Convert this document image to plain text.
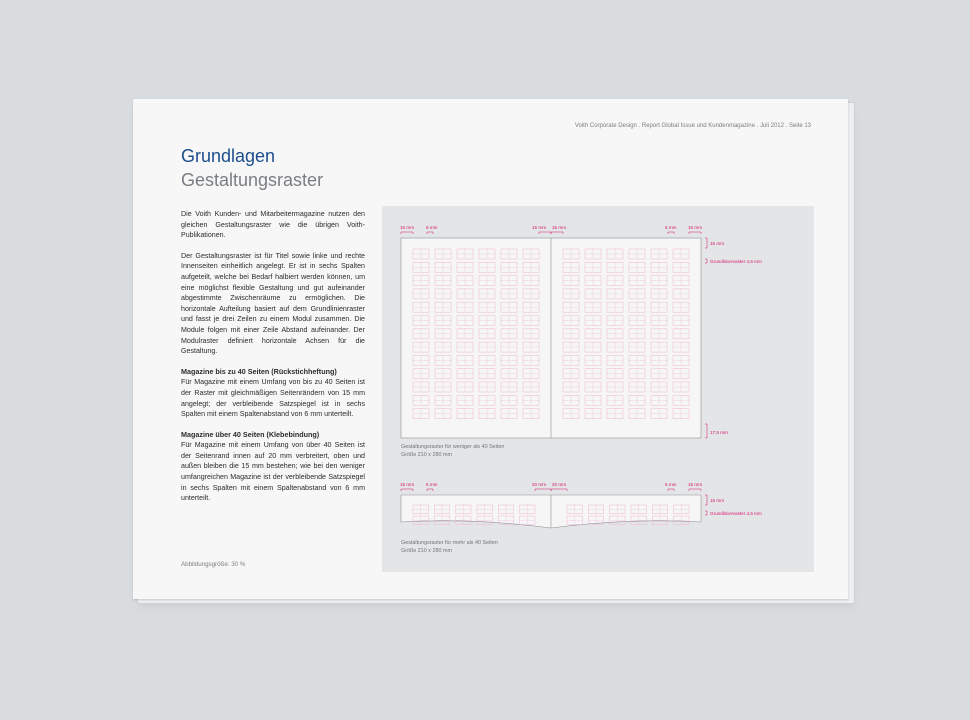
Voith Corporate Design . Report Global Issue und Kundenmagazine . Juli 2012 . Seite 13
Grundlagen
Gestaltungsraster

Die Voith Kunden- und Mitarbeitermagazine nutzen den gleichen Gestaltungsraster wie die übrigen Voith-Publikationen.

Der Gestaltungsraster ist für Titel sowie linke und rechte Innenseiten einheitlich angelegt. Er ist in sechs Spalten aufgeteilt, welche bei Bedarf halbiert werden können, um eine möglichst flexible Gestaltung und gut aufeinander abgestimmte Zwischenräume zu ermöglichen. Die horizontale Aufteilung basiert auf dem Grundlinienraster und fasst je drei Zeilen zu einem Modul zusammen. Die Module folgen mit einer Zeile Abstand aufeinander. Der Modulraster definiert horizontale Achsen für die Gestaltung.

Magazine bis zu 40 Seiten (Rückstichheftung)

Für Magazine mit einem Umfang von bis zu 40 Seiten ist der Raster mit gleichmäßigen Seitenrändern von 15 mm angelegt; der verbleibende Satzspiegel ist in sechs Spalten mit einem Spaltenabstand von 6 mm unterteilt.

Magazine über 40 Seiten (Klebebindung)

Für Magazine mit einem Umfang von über 40 Seiten ist der Seitenrand innen auf 20 mm verbreitert, oben und außen bleiben die 15 mm bestehen; wie bei den weniger umfangreichen Magazine ist der verbleibende Satzspiegel in sechs Spalten mit einem Spaltenabstand von 6 mm unterteilt.

Abbildungsgröße: 30 %
15 mm	6 mm	15 mm 15 mm	6 mm	15 mm
15 mm
Grundlinienraster 4,5 mm
17,5 mm
Gestaltungsraster für weniger als 40 Seiten
Größe 210 x 280 mm
15 mm	6 mm	20 mm 20 mm	6 mm	15 mm
15 mm
Grundlinienraster 4,5 mm
Gestaltungsraster für mehr als 40 Seiten
Größe 210 x 280 mm
